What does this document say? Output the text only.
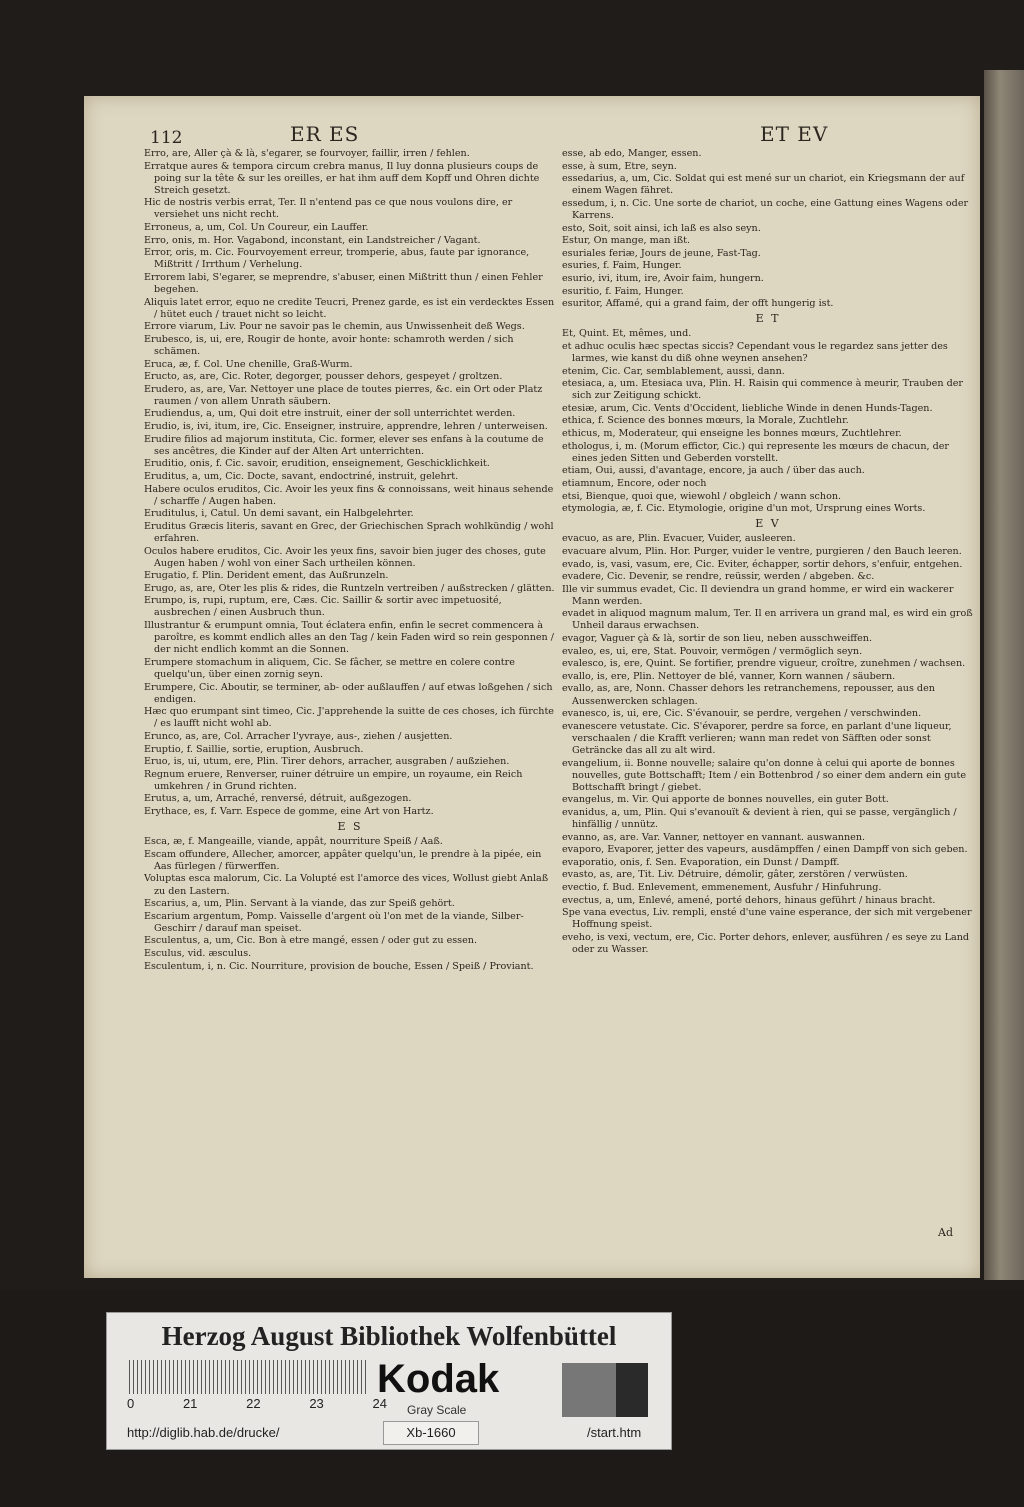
112	ER ES	ET EV
Erro, are, Aller çà & là, s'egarer, se fourvoyer, faillir, irren / fehlen.
Erratque aures & tempora circum crebra manus, Il luy donna plusieurs coups de poing sur la tête & sur les oreilles, er hat ihm auff dem Kopff und Ohren dichte Streich gesetzt.
Hic de nostris verbis errat, Ter. Il n'entend pas ce que nous voulons dire, er versiehet uns nicht recht.
Erroneus, a, um, Col. Un Coureur, ein Lauffer.
Erro, onis, m. Hor. Vagabond, inconstant, ein Landstreicher / Vagant.
Error, oris, m. Cic. Fourvoyement erreur, tromperie, abus, faute par ignorance, Mißtritt / Irrthum / Verhelung.
Errorem labi, S'egarer, se meprendre, s'abuser, einen Mißtritt thun / einen Fehler begehen.
Aliquis latet error, equo ne credite Teucri, Prenez garde, es ist ein verdecktes Essen / hütet euch / trauet nicht so leicht.
Errore viarum, Liv. Pour ne savoir pas le chemin, aus Unwissenheit deß Wegs.
Erubesco, is, ui, ere, Rougir de honte, avoir honte: schamroth werden / sich schämen.
Eruca, æ, f. Col. Une chenille, Graß-Wurm.
Eructo, as, are, Cic. Roter, degorger, pousser dehors, gespeyet / groltzen.
Erudero, as, are, Var. Nettoyer une place de toutes pierres, &c. ein Ort oder Platz raumen / von allem Unrath säubern.
Erudiendus, a, um, Qui doit etre instruit, einer der soll unterrichtet werden.
Erudio, is, ivi, itum, ire, Cic. Enseigner, instruire, apprendre, lehren / unterweisen.
Erudire filios ad majorum instituta, Cic. former, elever ses enfans à la coutume de ses ancêtres, die Kinder auf der Alten Art unterrichten.
Eruditio, onis, f. Cic. savoir, erudition, enseignement, Geschicklichkeit.
Eruditus, a, um, Cic. Docte, savant, endoctriné, instruit, gelehrt.
Habere oculos eruditos, Cic. Avoir les yeux fins & connoissans, weit hinaus sehende / scharffe / Augen haben.
Eruditulus, i, Catul. Un demi savant, ein Halbgelehrter.
Eruditus Græcis literis, savant en Grec, der Griechischen Sprach wohlkündig / wohl erfahren.
Oculos habere eruditos, Cic. Avoir les yeux fins, savoir bien juger des choses, gute Augen haben / wohl von einer Sach urtheilen können.
Erugatio, f. Plin. Derident ement, das Außrunzeln.
Erugo, as, are, Oter les plis & rides, die Runtzeln vertreiben / außstrecken / glätten.
Erumpo, is, rupi, ruptum, ere, Cæs. Cic. Saillir & sortir avec impetuosité, ausbrechen / einen Ausbruch thun.
Illustrantur & erumpunt omnia, Tout éclatera enfin, enfin le secret commencera à paroître, es kommt endlich alles an den Tag / kein Faden wird so rein gesponnen / der nicht endlich kommt an die Sonnen.
Erumpere stomachum in aliquem, Cic. Se fâcher, se mettre en colere contre quelqu'un, über einen zornig seyn.
Erumpere, Cic. Aboutir, se terminer, ab- oder außlauffen / auf etwas loßgehen / sich endigen.
Hæc quo erumpant sint timeo, Cic. J'apprehende la suitte de ces choses, ich fürchte / es laufft nicht wohl ab.
Erunco, as, are, Col. Arracher l'yvraye, aus-, ziehen / ausjetten.
Eruptio, f. Saillie, sortie, eruption, Ausbruch.
Eruo, is, ui, utum, ere, Plin. Tirer dehors, arracher, ausgraben / außziehen.
Regnum eruere, Renverser, ruiner détruire un empire, un royaume, ein Reich umkehren / in Grund richten.
Erutus, a, um, Arraché, renversé, détruit, außgezogen.
Erythace, es, f. Varr. Espece de gomme, eine Art von Hartz.
E S
Esca, æ, f. Mangeaille, viande, appât, nourriture Speiß / Aaß.
Escam offundere, Allecher, amorcer, appâter quelqu'un, le prendre à la pipée, ein Aas fürlegen / fürwerffen.
Voluptas esca malorum, Cic. La Volupté est l'amorce des vices, Wollust giebt Anlaß zu den Lastern.
Escarius, a, um, Plin. Servant à la viande, das zur Speiß gehört.
Escarium argentum, Pomp. Vaisselle d'argent où l'on met de la viande, Silber-Geschirr / darauf man speiset.
Esculentus, a, um, Cic. Bon à etre mangé, essen / oder gut zu essen.
Esculus, vid. æsculus.
Esculentum, i, n. Cic. Nourriture, provision de bouche, Essen / Speiß / Proviant.
esse, ab edo, Manger, essen.
esse, à sum, Etre, seyn.
essedarius, a, um, Cic. Soldat qui est mené sur un chariot, ein Kriegsmann der auf einem Wagen fähret.
essedum, i, n. Cic. Une sorte de chariot, un coche, eine Gattung eines Wagens oder Karrens.
esto, Soit, soit ainsi, ich laß es also seyn.
Estur, On mange, man ißt.
esuriales feriæ, Jours de jeune, Fast-Tag.
esuries, f. Faim, Hunger.
esurio, ivi, itum, ire, Avoir faim, hungern.
esuritio, f. Faim, Hunger.
esuritor, Affamé, qui a grand faim, der offt hungerig ist.
E T
Et, Quint. Et, mêmes, und.
et adhuc oculis hæc spectas siccis? Cependant vous le regardez sans jetter des larmes, wie kanst du diß ohne weynen ansehen?
etenim, Cic. Car, semblablement, aussi, dann.
etesiaca, a, um. Etesiaca uva, Plin. H. Raisin qui commence à meurir, Trauben der sich zur Zeitigung schickt.
etesiæ, arum, Cic. Vents d'Occident, liebliche Winde in denen Hunds-Tagen.
ethica, f. Science des bonnes mœurs, la Morale, Zuchtlehr.
ethicus, m, Moderateur, qui enseigne les bonnes mœurs, Zuchtlehrer.
ethologus, i, m. (Morum effictor, Cic.) qui represente les mœurs de chacun, der eines jeden Sitten und Geberden vorstellt.
etiam, Oui, aussi, d'avantage, encore, ja auch / über das auch.
etiamnum, Encore, oder noch
etsi, Bienque, quoi que, wiewohl / obgleich / wann schon.
etymologia, æ, f. Cic. Etymologie, origine d'un mot, Ursprung eines Worts.
E V
evacuo, as are, Plin. Evacuer, Vuider, ausleeren.
evacuare alvum, Plin. Hor. Purger, vuider le ventre, purgieren / den Bauch leeren.
evado, is, vasi, vasum, ere, Cic. Eviter, échapper, sortir dehors, s'enfuir, entgehen.
evadere, Cic. Devenir, se rendre, reüssir, werden / abgeben. &c.
Ille vir summus evadet, Cic. Il deviendra un grand homme, er wird ein wackerer Mann werden.
evadet in aliquod magnum malum, Ter. Il en arrivera un grand mal, es wird ein groß Unheil daraus erwachsen.
evagor, Vaguer çà & là, sortir de son lieu, neben ausschweiffen.
evaleo, es, ui, ere, Stat. Pouvoir, vermögen / vermöglich seyn.
evalesco, is, ere, Quint. Se fortifier, prendre vigueur, croître, zunehmen / wachsen.
evallo, is, ere, Plin. Nettoyer de blé, vanner, Korn wannen / säubern.
evallo, as, are, Nonn. Chasser dehors les retranchemens, repousser, aus den Aussenwercken schlagen.
evanesco, is, ui, ere, Cic. S'évanouir, se perdre, vergehen / verschwinden.
evanescere vetustate. Cic. S'évaporer, perdre sa force, en parlant d'une liqueur, verschaalen / die Krafft verlieren; wann man redet von Säfften oder sonst Geträncke das all zu alt wird.
evangelium, ii. Bonne nouvelle; salaire qu'on donne à celui qui aporte de bonnes nouvelles, gute Bottschafft; Item / ein Bottenbrod / so einer dem andern ein gute Bottschafft bringt / giebet.
evangelus, m. Vir. Qui apporte de bonnes nouvelles, ein guter Bott.
evanidus, a, um, Plin. Qui s'evanouït & devient à rien, qui se passe, vergänglich / hinfällig / unnütz.
evanno, as, are. Var. Vanner, nettoyer en vannant. auswannen.
evaporo, Evaporer, jetter des vapeurs, ausdämpffen / einen Dampff von sich geben.
evaporatio, onis, f. Sen. Evaporation, ein Dunst / Dampff.
evasto, as, are, Tit. Liv. Détruire, démolir, gâter, zerstören / verwüsten.
evectio, f. Bud. Enlevement, emmenement, Ausfuhr / Hinfuhrung.
evectus, a, um, Enlevé, amené, porté dehors, hinaus geführt / hinaus bracht.
Spe vana evectus, Liv. rempli, ensté d'une vaine esperance, der sich mit vergebener Hoffnung speist.
eveho, is vexi, vectum, ere, Cic. Porter dehors, enlever, ausführen / es seye zu Land oder zu Wasser.
Ad
Herzog August Bibliothek Wolfenbüttel
0	21	22	23	24
Kodak
Gray Scale
http://diglib.hab.de/drucke/	Xb-1660	/start.htm
